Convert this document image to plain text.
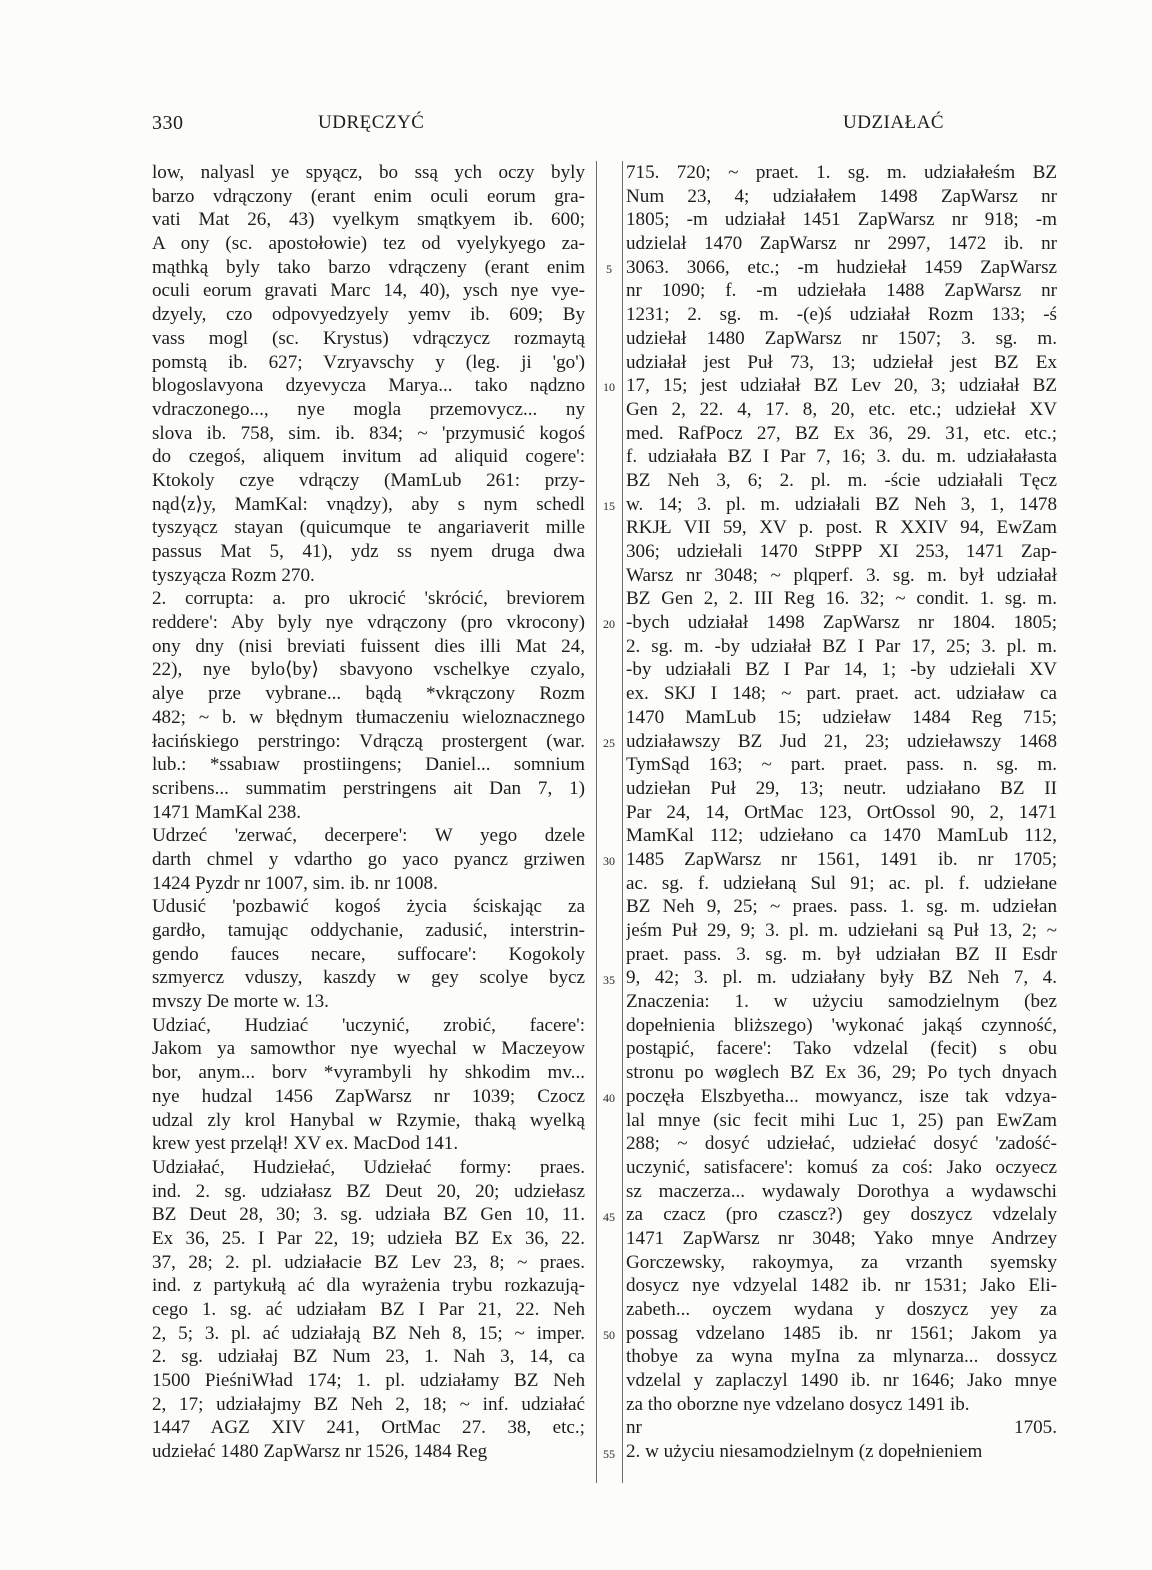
330	UDRĘCZYĆ	UDZIAŁAĆ
low, nalyasl ye spyącz, bo ssą ych oczy byly
barzo vdrączony (erant enim oculi eorum gra-
vati Mat 26, 43) vyelkym smątkyem ib. 600;
A ony (sc. apostołowie) tez od vyelykyego za-
mąthką byly tako barzo vdrączeny (erant enim
oculi eorum gravati Marc 14, 40), ysch nye vye-
dzyely, czo odpovyedzyely yemv ib. 609; By
vass mogl (sc. Krystus) vdrączycz rozmaytą
pomstą ib. 627; Vzryavschy y (leg. ji 'go')
blogoslavyona dzyevycza Marya... tako nądzno
vdraczonego..., nye mogla przemovycz... ny
slova ib. 758, sim. ib. 834; ~ 'przymusić kogoś
do czegoś, aliquem invitum ad aliquid cogere':
Ktokoly czye vdrączy (MamLub 261: przy-
nąd⟨z⟩y, MamKal: vnądzy), aby s nym schedl
tyszyącz stayan (quicumque te angariaverit mille
passus Mat 5, 41), ydz ss nyem druga dwa
tyszyącza Rozm 270.
2. corrupta: a. pro ukrocić 'skrócić, breviorem
reddere': Aby byly nye vdrączony (pro vkrocony)
ony dny (nisi breviati fuissent dies illi Mat 24,
22), nye bylo⟨by⟩ sbavyono vschelkye czyalo,
alye prze vybrane... bądą *vkrączony Rozm
482; ~ b. w błędnym tłumaczeniu wieloznacznego
łacińskiego perstringo: Vdrączą prostergent (war.
lub.: *ssabıaw prostiingens; Daniel... somnium
scribens... summatim perstringens ait Dan 7, 1)
1471 MamKal 238.
Udrzeć 'zerwać, decerpere': W yego dzele
darth chmel y vdartho go yaco pyancz grziwen
1424 Pyzdr nr 1007, sim. ib. nr 1008.
Udusić 'pozbawić kogoś życia ściskając za
gardło, tamując oddychanie, zadusić, interstrin-
gendo fauces necare, suffocare': Kogokoly
szmyercz vduszy, kaszdy w gey scolye bycz
mvszy De morte w. 13.
Udziać, Hudziać 'uczynić, zrobić, facere':
Jakom ya samowthor nye wyechal w Maczeyow
bor, anym... borv *vyrambyli hy shkodim mv...
nye hudzal 1456 ZapWarsz nr 1039; Czocz
udzal zly krol Hanybal w Rzymie, thaką wyelką
krew yest przelął! XV ex. MacDod 141.
Udziałać, Hudziełać, Udziełać formy: praes.
ind. 2. sg. udziałasz BZ Deut 20, 20; udziełasz
BZ Deut 28, 30; 3. sg. udziała BZ Gen 10, 11.
Ex 36, 25. I Par 22, 19; udzieła BZ Ex 36, 22.
37, 28; 2. pl. udziałacie BZ Lev 23, 8; ~ praes.
ind. z partykułą ać dla wyrażenia trybu rozkazują-
cego 1. sg. ać udziałam BZ I Par 21, 22. Neh
2, 5; 3. pl. ać udziałają BZ Neh 8, 15; ~ imper.
2. sg. udziałaj BZ Num 23, 1. Nah 3, 14, ca
1500 PieśniWład 174; 1. pl. udziałamy BZ Neh
2, 17; udziałajmy BZ Neh 2, 18; ~ inf. udziałać
1447 AGZ XIV 241, OrtMac 27. 38, etc.;
udziełać 1480 ZapWarsz nr 1526, 1484 Reg
715. 720; ~ praet. 1. sg. m. udziałałeśm BZ
Num 23, 4; udziałałem 1498 ZapWarsz nr
1805; -m udziałał 1451 ZapWarsz nr 918; -m
udzielał 1470 ZapWarsz nr 2997, 1472 ib. nr
3063. 3066, etc.; -m hudziełał 1459 ZapWarsz
nr 1090; f. -m udziełała 1488 ZapWarsz nr
1231; 2. sg. m. -(e)ś udziałał Rozm 133; -ś
udziełał 1480 ZapWarsz nr 1507; 3. sg. m.
udziałał jest Puł 73, 13; udziełał jest BZ Ex
17, 15; jest udziałał BZ Lev 20, 3; udziałał BZ
Gen 2, 22. 4, 17. 8, 20, etc. etc.; udziełał XV
med. RafPocz 27, BZ Ex 36, 29. 31, etc. etc.;
f. udziałała BZ I Par 7, 16; 3. du. m. udziałałasta
BZ Neh 3, 6; 2. pl. m. -ście udziałali Tęcz
w. 14; 3. pl. m. udziałali BZ Neh 3, 1, 1478
RKJŁ VII 59, XV p. post. R XXIV 94, EwZam
306; udziełali 1470 StPPP XI 253, 1471 Zap-
Warsz nr 3048; ~ plqperf. 3. sg. m. był udziałał
BZ Gen 2, 2. III Reg 16. 32; ~ condit. 1. sg. m.
-bych udziałał 1498 ZapWarsz nr 1804. 1805;
2. sg. m. -by udziałał BZ I Par 17, 25; 3. pl. m.
-by udziałali BZ I Par 14, 1; -by udziełali XV
ex. SKJ I 148; ~ part. praet. act. udziaław ca
1470 MamLub 15; udzieław 1484 Reg 715;
udziaławszy BZ Jud 21, 23; udzieławszy 1468
TymSąd 163; ~ part. praet. pass. n. sg. m.
udziełan Puł 29, 13; neutr. udziałano BZ II
Par 24, 14, OrtMac 123, OrtOssol 90, 2, 1471
MamKal 112; udziełano ca 1470 MamLub 112,
1485 ZapWarsz nr 1561, 1491 ib. nr 1705;
ac. sg. f. udziełaną Sul 91; ac. pl. f. udziełane
BZ Neh 9, 25; ~ praes. pass. 1. sg. m. udziełan
jeśm Puł 29, 9; 3. pl. m. udziełani są Puł 13, 2; ~
praet. pass. 3. sg. m. był udziałan BZ II Esdr
9, 42; 3. pl. m. udziałany były BZ Neh 7, 4.
Znaczenia: 1. w użyciu samodzielnym (bez
dopełnienia bliższego) 'wykonać jakąś czynność,
postąpić, facere': Tako vdzelal (fecit) s obu
stronu po wøglech BZ Ex 36, 29; Po tych dnyach
poczęła Elszbyetha... mowyancz, isze tak vdzya-
lal mnye (sic fecit mihi Luc 1, 25) pan EwZam
288; ~ dosyć udziełać, udziełać dosyć 'zadość-
uczynić, satisfacere': komuś za coś: Jako oczyecz
sz maczerza... wydawaly Dorothya a wydawschi
za czacz (pro czascz?) gey doszycz vdzelaly
1471 ZapWarsz nr 3048; Yako mnye Andrzey
Gorczewsky, rakoymya, za vrzanth syemsky
dosycz nye vdzyelal 1482 ib. nr 1531; Jako Eli-
zabeth... oyczem wydana y doszycz yey za
possag vdzelano 1485 ib. nr 1561; Jakom ya
thobye za wyna myIna za mlynarza... dossycz
vdzelal y zaplaczyl 1490 ib. nr 1646; Jako mnye
za tho oborzne nye vdzelano dosycz 1491 ib.
nr 1705.
2. w użyciu niesamodzielnym (z dopełnieniem
5
10
15
20
25
30
35
40
45
50
55
